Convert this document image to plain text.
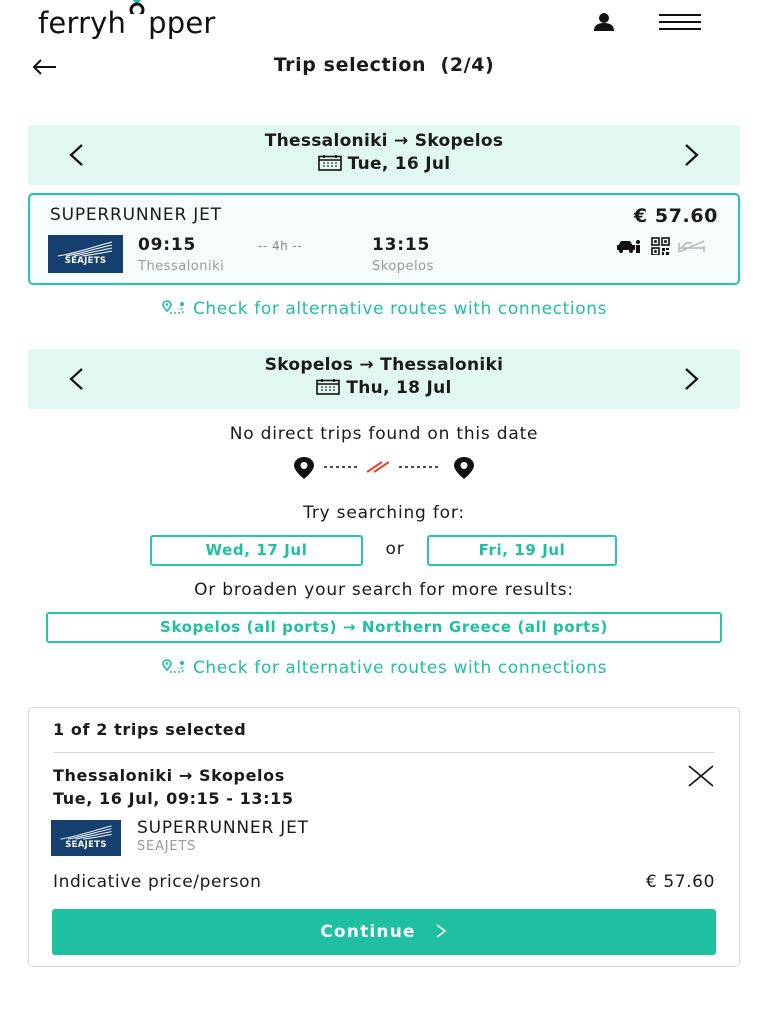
ferryh pper
Trip selection (2/4)
Thessaloniki → Skopelos
Tue, 16 Jul
SUPERRUNNER JET	€ 57.60
SEAJETS
09:15	-- 4h --	13:15
Thessaloniki	Skopelos
Check for alternative routes with connections
Skopelos → Thessaloniki
Thu, 18 Jul
No direct trips found on this date
Try searching for:
Wed, 17 Jul	or	Fri, 19 Jul
Or broaden your search for more results:
Skopelos (all ports) → Northern Greece (all ports)
Check for alternative routes with connections
1 of 2 trips selected
Thessaloniki → Skopelos
Tue, 16 Jul, 09:15 - 13:15
SEAJETS
SUPERRUNNER JET
SEAJETS
Indicative price/person	€ 57.60
Continue
